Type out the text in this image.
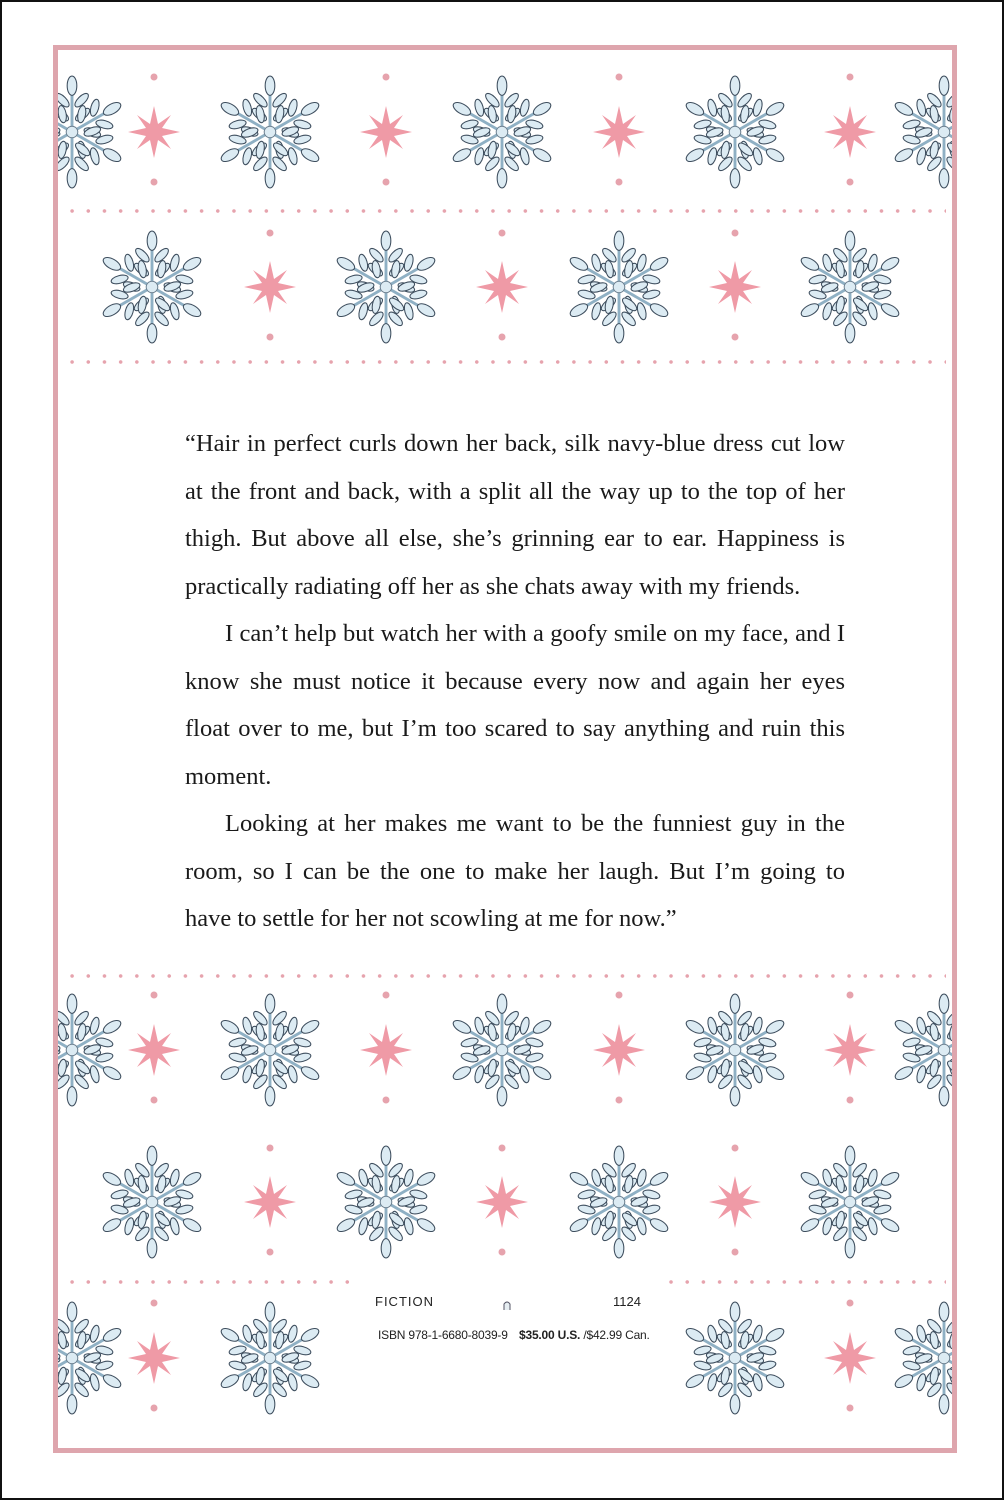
“Hair in perfect curls down her back, silk navy-blue dress cut low at the front and back, with a split all the way up to the top of her thigh. But above all else, she’s grinning ear to ear. Happiness is

practically radiating off her as she chats away with my friends.

I can’t help but watch her with a goofy smile on my face, and I know she must notice it because every now and again her eyes float over to me, but I’m too scared to say anything and ruin this

moment.

Looking at her makes me want to be the funniest guy in the room, so I can be the one to make her laugh. But I’m going to

have to settle for her not scowling at me for now.”

FICTION	1124
ISBN 978-1-6680-8039-9 $35.00 U.S. /$42.99 Can.
